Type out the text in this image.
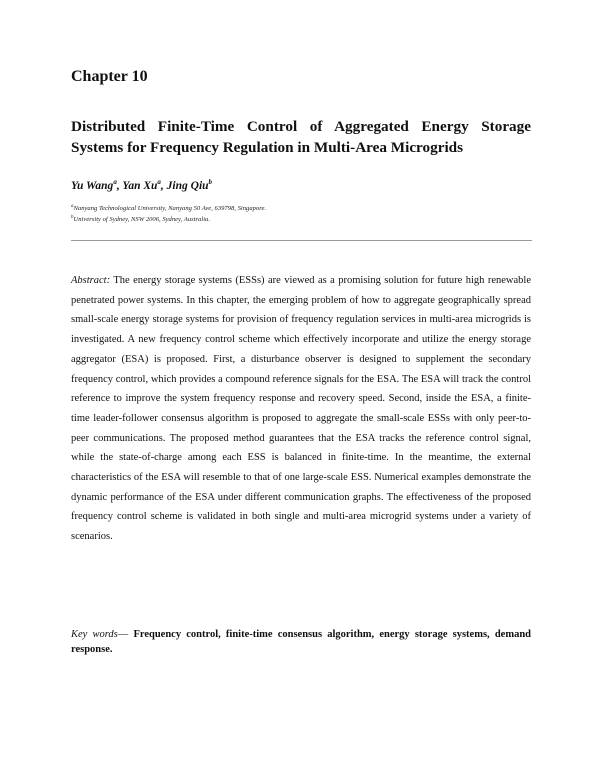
Chapter 10
Distributed Finite-Time Control of Aggregated Energy Storage Systems for Frequency Regulation in Multi-Area Microgrids
Yu Wang$^a$, Yan Xu$^a$, Jing Qiu$^b$
$^a$Nanyang Technological University, Nanyang 50 Ave, 639798, Singapore.
$^b$University of Sydney, NSW 2006, Sydney, Australia.

Abstract: The energy storage systems (ESSs) are viewed as a promising solution for future high renewable penetrated power systems. In this chapter, the emerging problem of how to aggregate geographically spread small-scale energy storage systems for provision of frequency regulation services in multi-area microgrids is investigated. A new frequency control scheme which effectively incorporate and utilize the energy storage aggregator (ESA) is proposed. First, a disturbance observer is designed to supplement the secondary frequency control, which provides a compound reference signals for the ESA. The ESA will track the control reference to improve the system frequency response and recovery speed. Second, inside the ESA, a finite-time leader-follower consensus algorithm is proposed to aggregate the small-scale ESSs with only peer-to-peer communications. The proposed method guarantees that the ESA tracks the reference control signal, while the state-of-charge among each ESS is balanced in finite-time. In the meantime, the external characteristics of the ESA will resemble to that of one large-scale ESS. Numerical examples demonstrate the dynamic performance of the ESA under different communication graphs. The effectiveness of the proposed frequency control scheme is validated in both single and multi-area microgrid systems under a variety of scenarios.

Key words— Frequency control, finite-time consensus algorithm, energy storage systems, demand response.
